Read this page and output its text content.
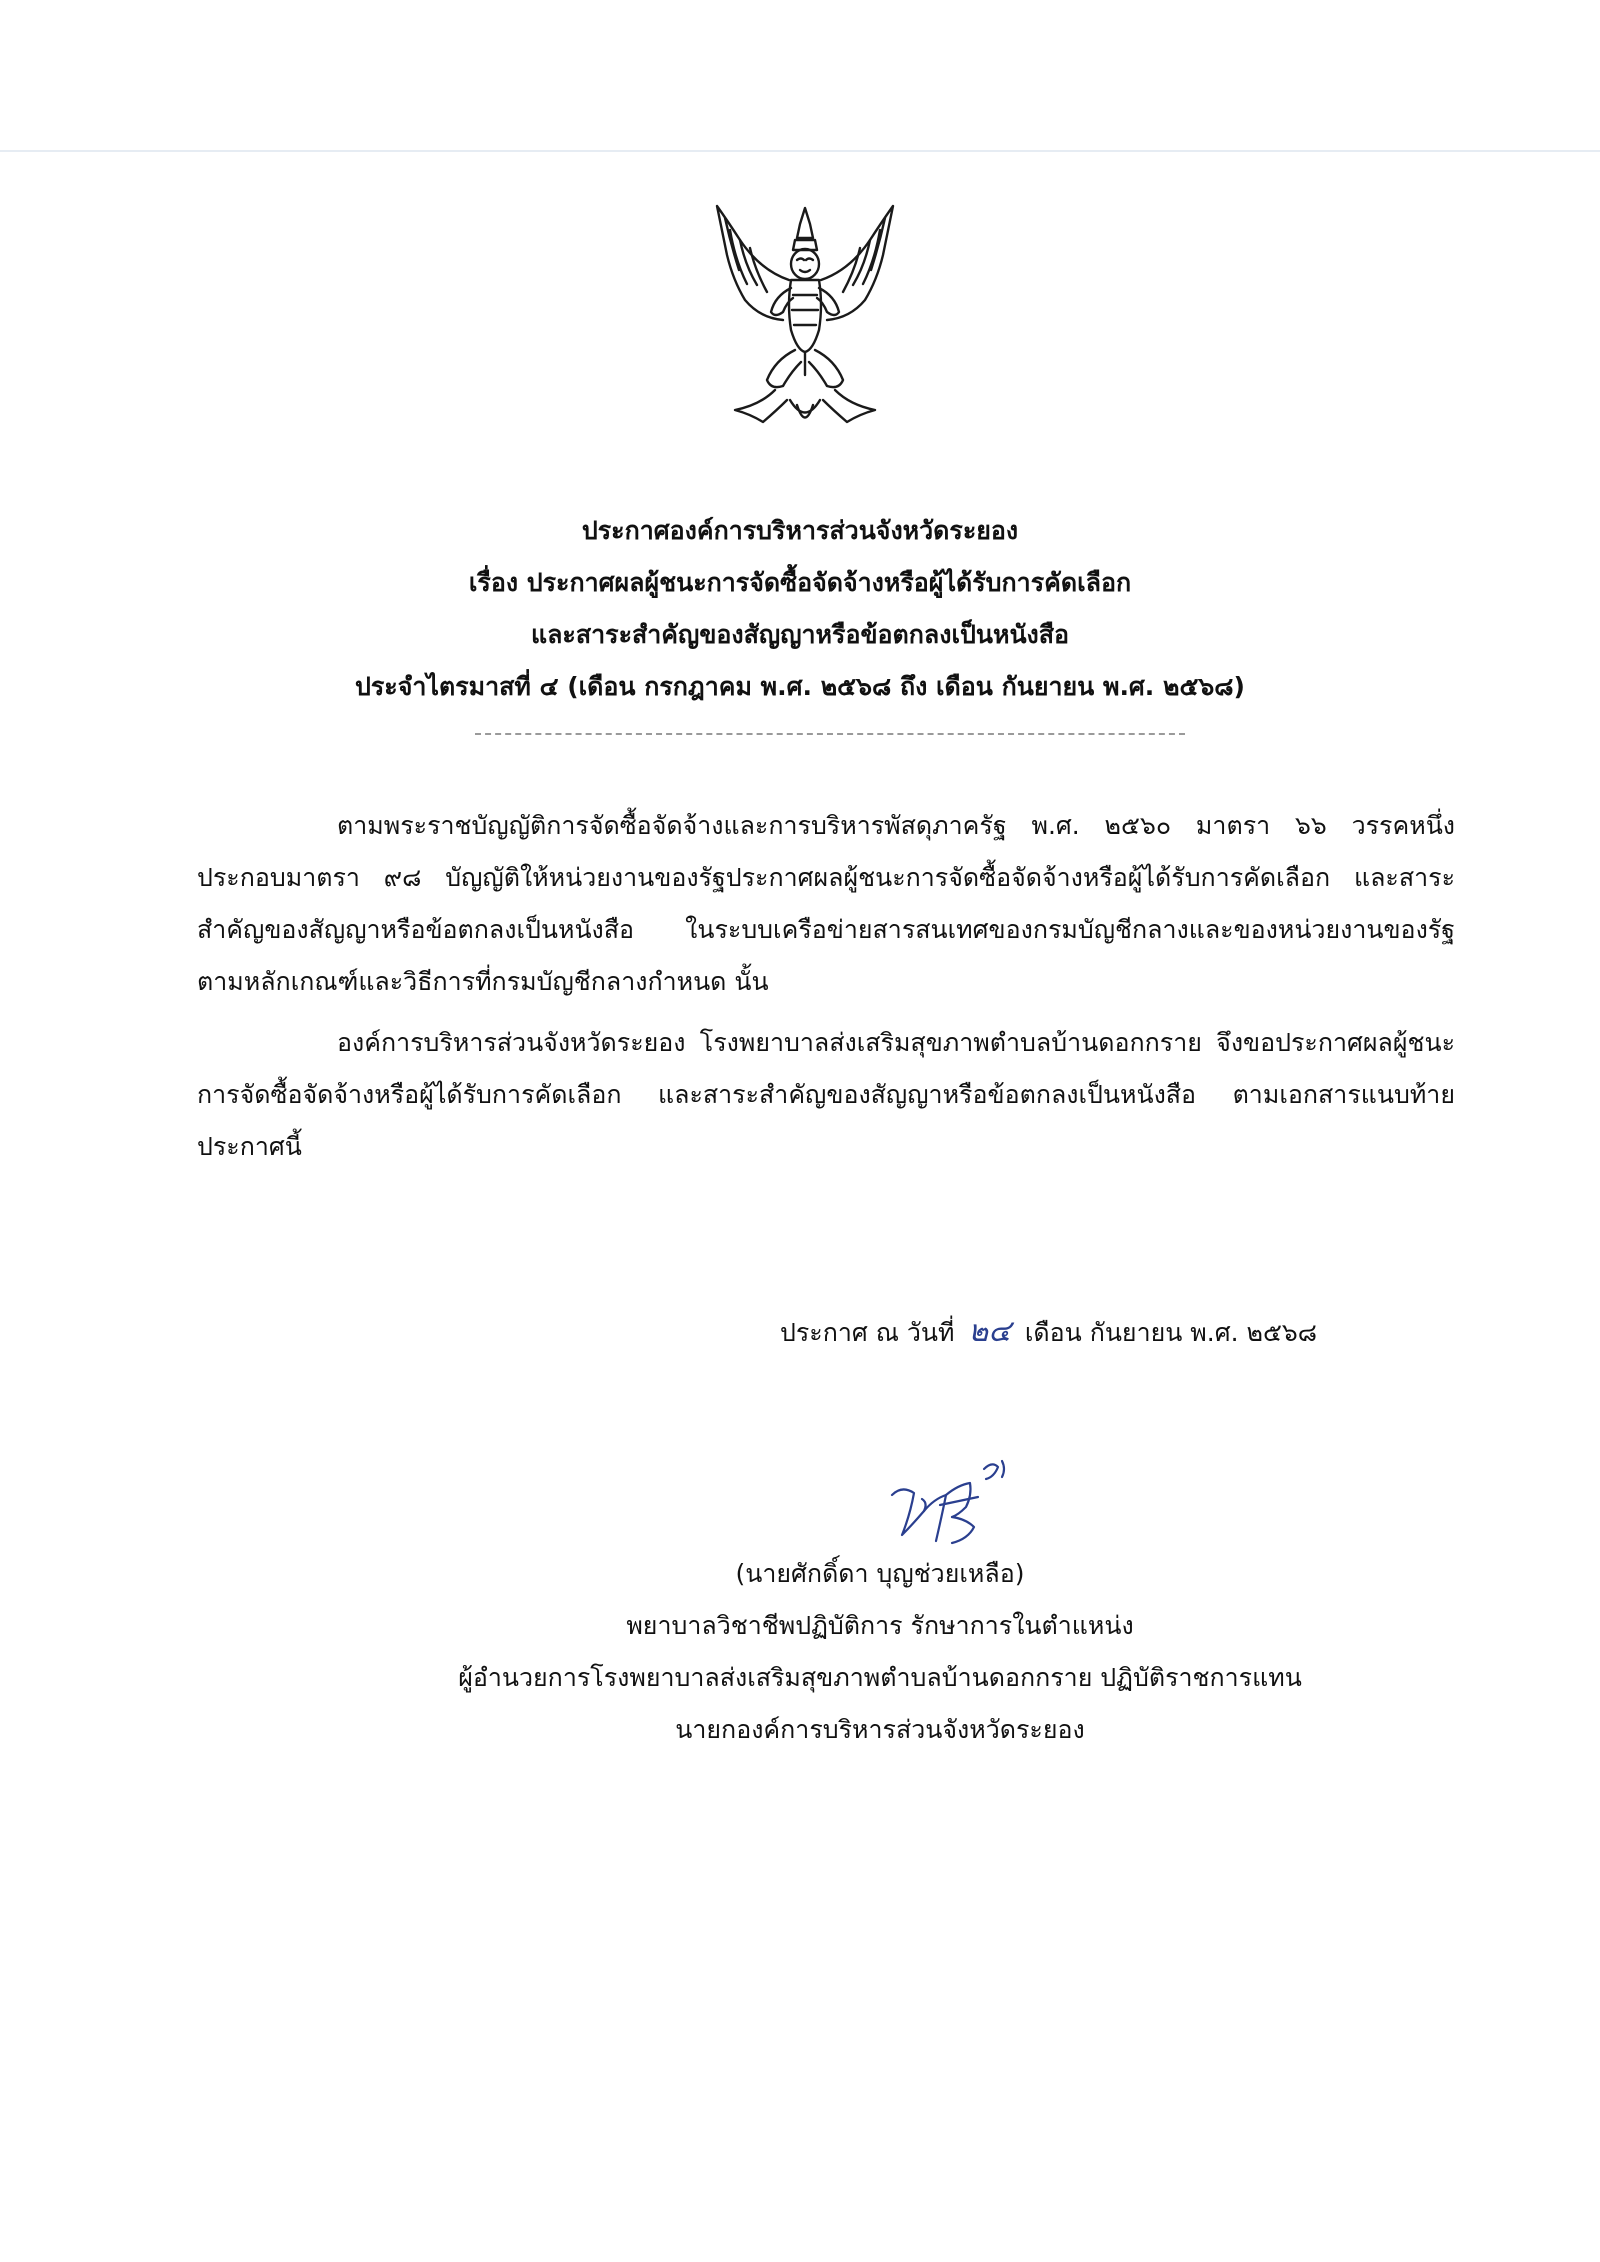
ประกาศองค์การบริหารส่วนจังหวัดระยอง
เรื่อง ประกาศผลผู้ชนะการจัดซื้อจัดจ้างหรือผู้ได้รับการคัดเลือก
และสาระสำคัญของสัญญาหรือข้อตกลงเป็นหนังสือ
ประจำไตรมาสที่ ๔ (เดือน กรกฎาคม พ.ศ. ๒๕๖๘ ถึง เดือน กันยายน พ.ศ. ๒๕๖๘)
ตามพระราชบัญญัติการจัดซื้อจัดจ้างและการบริหารพัสดุภาครัฐ พ.ศ. ๒๕๖๐ มาตรา ๖๖ วรรคหนึ่ง ประกอบมาตรา ๙๘ บัญญัติให้หน่วยงานของรัฐประกาศผลผู้ชนะการจัดซื้อจัดจ้างหรือผู้ได้รับการคัดเลือก และสาระสำคัญของสัญญาหรือข้อตกลงเป็นหนังสือ ในระบบเครือข่ายสารสนเทศของกรมบัญชีกลางและของหน่วยงานของรัฐตามหลักเกณฑ์และวิธีการที่กรมบัญชีกลางกำหนด นั้น
องค์การบริหารส่วนจังหวัดระยอง โรงพยาบาลส่งเสริมสุขภาพตำบลบ้านดอกกราย จึงขอประกาศผลผู้ชนะการจัดซื้อจัดจ้างหรือผู้ได้รับการคัดเลือก และสาระสำคัญของสัญญาหรือข้อตกลงเป็นหนังสือ ตามเอกสารแนบท้ายประกาศนี้
ประกาศ ณ วันที่ ๒๔ เดือน กันยายน พ.ศ. ๒๕๖๘
(นายศักดิ์ดา บุญช่วยเหลือ)
พยาบาลวิชาชีพปฏิบัติการ รักษาการในตำแหน่ง
ผู้อำนวยการโรงพยาบาลส่งเสริมสุขภาพตำบลบ้านดอกกราย ปฏิบัติราชการแทน
นายกองค์การบริหารส่วนจังหวัดระยอง
